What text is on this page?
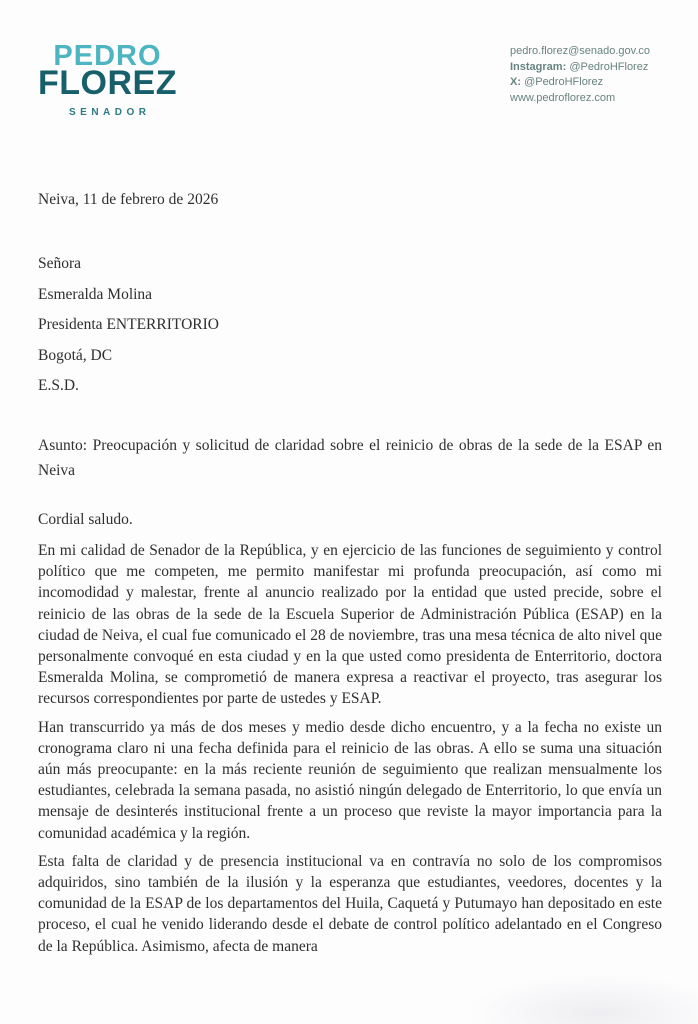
PEDRO
FLOREZ
SENADOR
pedro.florez@senado.gov.co
Instagram: @PedroHFlorez
X: @PedroHFlorez
www.pedroflorez.com
Neiva, 11 de febrero de 2026
Señora
Esmeralda Molina
Presidenta ENTERRITORIO
Bogotá, DC
E.S.D.
Asunto: Preocupación y solicitud de claridad sobre el reinicio de obras de la sede de la ESAP en Neiva
Cordial saludo.

En mi calidad de Senador de la República, y en ejercicio de las funciones de seguimiento y control político que me competen, me permito manifestar mi profunda preocupación, así como mi incomodidad y malestar, frente al anuncio realizado por la entidad que usted precide, sobre el reinicio de las obras de la sede de la Escuela Superior de Administración Pública (ESAP) en la ciudad de Neiva, el cual fue comunicado el 28 de noviembre, tras una mesa técnica de alto nivel que personalmente convoqué en esta ciudad y en la que usted como presidenta de Enterritorio, doctora Esmeralda Molina, se comprometió de manera expresa a reactivar el proyecto, tras asegurar los recursos correspondientes por parte de ustedes y ESAP.

Han transcurrido ya más de dos meses y medio desde dicho encuentro, y a la fecha no existe un cronograma claro ni una fecha definida para el reinicio de las obras. A ello se suma una situación aún más preocupante: en la más reciente reunión de seguimiento que realizan mensualmente los estudiantes, celebrada la semana pasada, no asistió ningún delegado de Enterritorio, lo que envía un mensaje de desinterés institucional frente a un proceso que reviste la mayor importancia para la comunidad académica y la región.

Esta falta de claridad y de presencia institucional va en contravía no solo de los compromisos adquiridos, sino también de la ilusión y la esperanza que estudiantes, veedores, docentes y la comunidad de la ESAP de los departamentos del Huila, Caquetá y Putumayo han depositado en este proceso, el cual he venido liderando desde el debate de control político adelantado en el Congreso de la República. Asimismo, afecta de manera
